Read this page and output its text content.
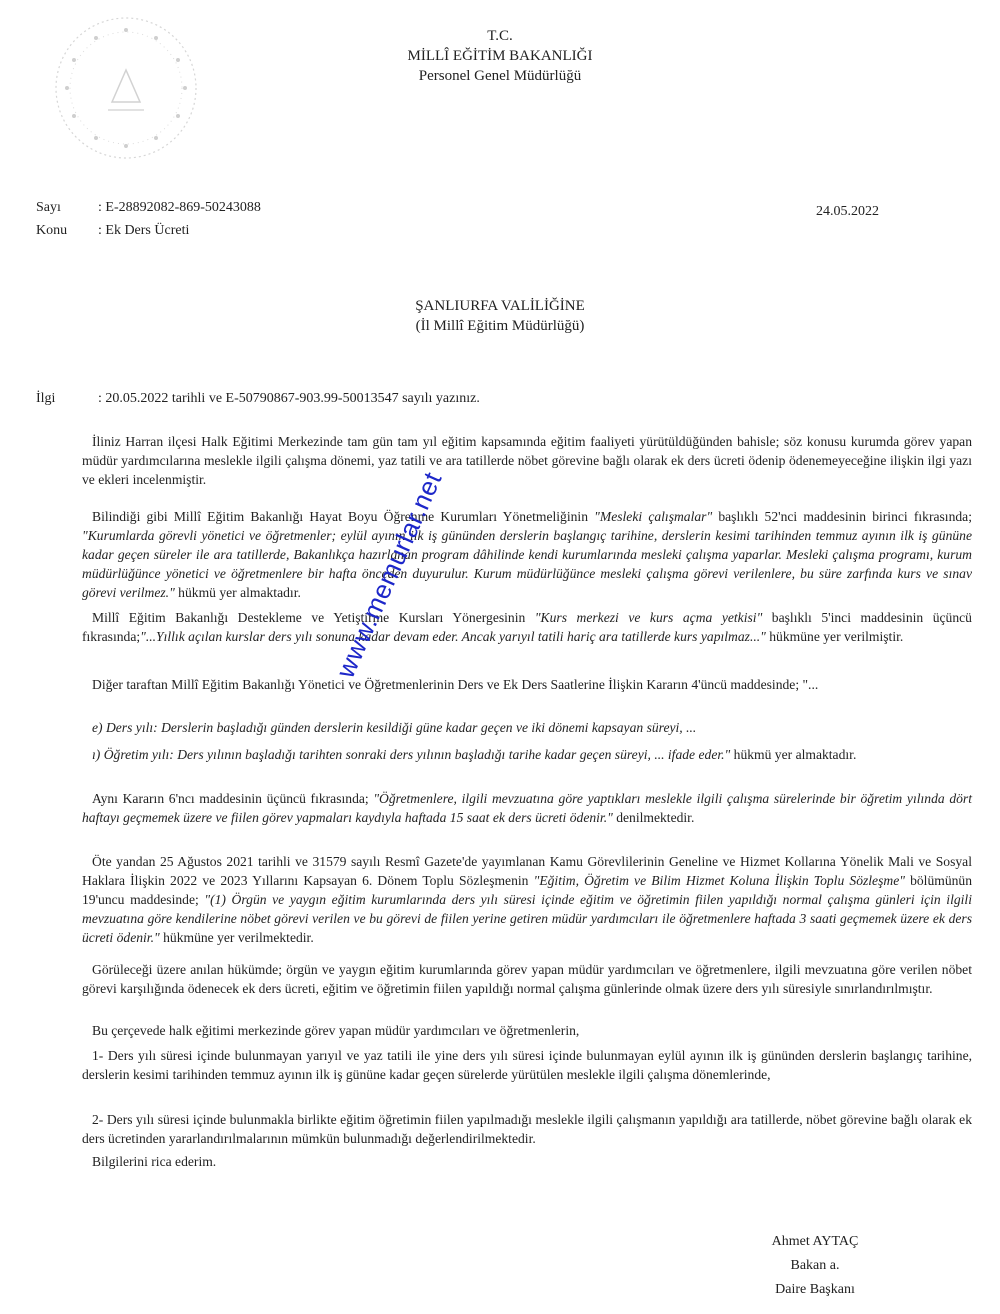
T.C.
MİLLÎ EĞİTİM BAKANLIĞI
Personel Genel Müdürlüğü
Sayı	: E-28892082-869-50243088
Konu : Ek Ders Ücreti
24.05.2022
ŞANLIURFA VALİLİĞİNE
(İl Millî Eğitim Müdürlüğü)
İlgi	: 20.05.2022 tarihli ve E-50790867-903.99-50013547 sayılı yazınız.

İliniz Harran ilçesi Halk Eğitimi Merkezinde tam gün tam yıl eğitim kapsamında eğitim faaliyeti yürütüldüğünden bahisle; söz konusu kurumda görev yapan müdür yardımcılarına meslekle ilgili çalışma dönemi, yaz tatili ve ara tatillerde nöbet görevine bağlı olarak ek ders ücreti ödenip ödenemeyeceğine ilişkin ilgi yazı ve ekleri incelenmiştir.

Bilindiği gibi Millî Eğitim Bakanlığı Hayat Boyu Öğrenme Kurumları Yönetmeliğinin "Mesleki çalışmalar" başlıklı 52'nci maddesinin birinci fıkrasında; "Kurumlarda görevli yönetici ve öğretmenler; eylül ayının ilk iş gününden derslerin başlangıç tarihine, derslerin kesimi tarihinden temmuz ayının ilk iş gününe kadar geçen süreler ile ara tatillerde, Bakanlıkça hazırlanan program dâhilinde kendi kurumlarında mesleki çalışma yaparlar. Mesleki çalışma programı, kurum müdürlüğünce yönetici ve öğretmenlere bir hafta önceden duyurulur. Kurum müdürlüğünce mesleki çalışma görevi verilenlere, bu süre zarfında kurs ve sınav görevi verilmez." hükmü yer almaktadır.

Millî Eğitim Bakanlığı Destekleme ve Yetiştirme Kursları Yönergesinin "Kurs merkezi ve kurs açma yetkisi" başlıklı 5'inci maddesinin üçüncü fıkrasında;"...Yıllık açılan kurslar ders yılı sonuna kadar devam eder. Ancak yarıyıl tatili hariç ara tatillerde kurs yapılmaz..." hükmüne yer verilmiştir.

Diğer taraftan Millî Eğitim Bakanlığı Yönetici ve Öğretmenlerinin Ders ve Ek Ders Saatlerine İlişkin Kararın 4'üncü maddesinde; "...

e) Ders yılı: Derslerin başladığı günden derslerin kesildiği güne kadar geçen ve iki dönemi kapsayan süreyi, ...

ı) Öğretim yılı: Ders yılının başladığı tarihten sonraki ders yılının başladığı tarihe kadar geçen süreyi, ... ifade eder." hükmü yer almaktadır.

Aynı Kararın 6'ncı maddesinin üçüncü fıkrasında; "Öğretmenlere, ilgili mevzuatına göre yaptıkları meslekle ilgili çalışma sürelerinde bir öğretim yılında dört haftayı geçmemek üzere ve fiilen görev yapmaları kaydıyla haftada 15 saat ek ders ücreti ödenir." denilmektedir.

Öte yandan 25 Ağustos 2021 tarihli ve 31579 sayılı Resmî Gazete'de yayımlanan Kamu Görevlilerinin Geneline ve Hizmet Kollarına Yönelik Mali ve Sosyal Haklara İlişkin 2022 ve 2023 Yıllarını Kapsayan 6. Dönem Toplu Sözleşmenin "Eğitim, Öğretim ve Bilim Hizmet Koluna İlişkin Toplu Sözleşme" bölümünün 19'uncu maddesinde; "(1) Örgün ve yaygın eğitim kurumlarında ders yılı süresi içinde eğitim ve öğretimin fiilen yapıldığı normal çalışma günleri için ilgili mevzuatına göre kendilerine nöbet görevi verilen ve bu görevi de fiilen yerine getiren müdür yardımcıları ile öğretmenlere haftada 3 saati geçmemek üzere ek ders ücreti ödenir." hükmüne yer verilmektedir.

Görüleceği üzere anılan hükümde; örgün ve yaygın eğitim kurumlarında görev yapan müdür yardımcıları ve öğretmenlere, ilgili mevzuatına göre verilen nöbet görevi karşılığında ödenecek ek ders ücreti, eğitim ve öğretimin fiilen yapıldığı normal çalışma günlerinde olmak üzere ders yılı süresiyle sınırlandırılmıştır.

Bu çerçevede halk eğitimi merkezinde görev yapan müdür yardımcıları ve öğretmenlerin,

1- Ders yılı süresi içinde bulunmayan yarıyıl ve yaz tatili ile yine ders yılı süresi içinde bulunmayan eylül ayının ilk iş gününden derslerin başlangıç tarihine, derslerin kesimi tarihinden temmuz ayının ilk iş gününe kadar geçen sürelerde yürütülen meslekle ilgili çalışma dönemlerinde,

2- Ders yılı süresi içinde bulunmakla birlikte eğitim öğretimin fiilen yapılmadığı meslekle ilgili çalışmanın yapıldığı ara tatillerde, nöbet görevine bağlı olarak ek ders ücretinden yararlandırılmalarının mümkün bulunmadığı değerlendirilmektedir.

Bilgilerini rica ederim.

Ahmet AYTAÇ
Bakan a.
Daire Başkanı
www.memurlar.net
